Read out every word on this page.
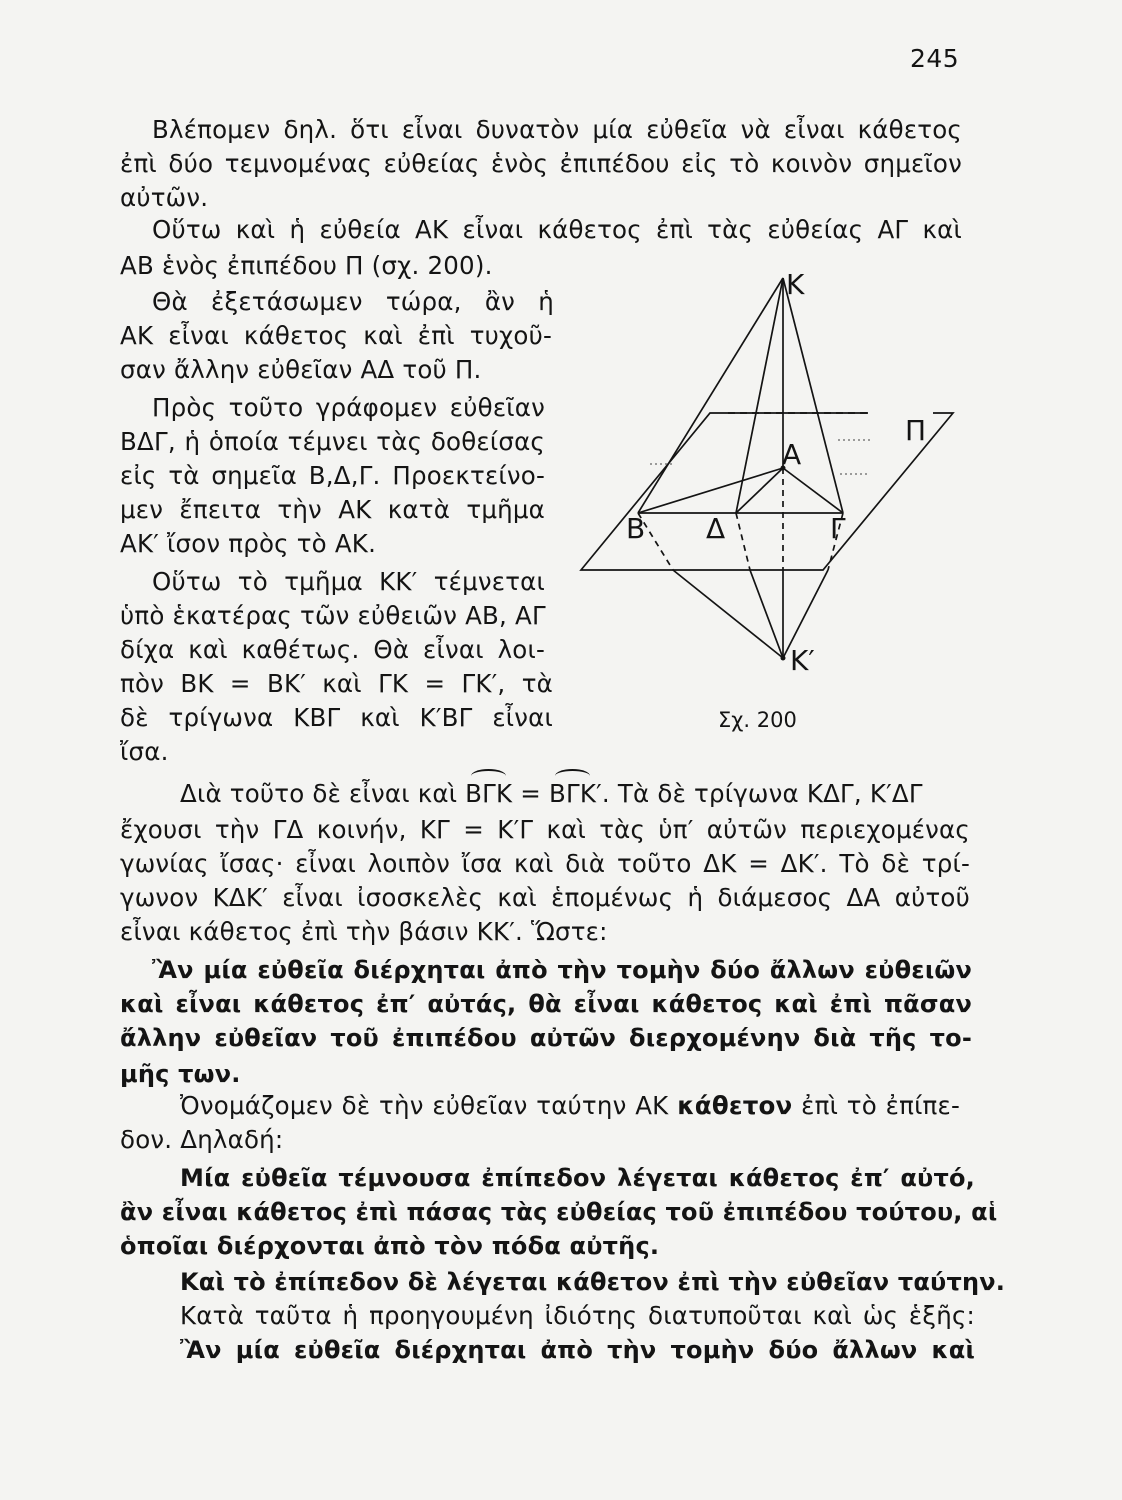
245

Βλέπομεν δηλ. ὅτι εἶναι δυνατὸν μία εὐθεῖα νὰ εἶναι κάθετος

ἐπὶ δύο τεμνομένας εὐθείας ἑνὸς ἐπιπέδου εἰς τὸ κοινὸν σημεῖον

αὐτῶν.

Οὕτω καὶ ἡ εὐθεία ΑΚ εἶναι κάθετος ἐπὶ τὰς εὐθείας ΑΓ καὶ

ΑΒ ἑνὸς ἐπιπέδου Π (σχ. 200).

Θὰ ἐξετάσωμεν τώρα, ἂν ἡ

ΑΚ εἶναι κάθετος καὶ ἐπὶ τυχοῦ-

σαν ἄλλην εὐθεῖαν ΑΔ τοῦ Π.

Πρὸς τοῦτο γράφομεν εὐθεῖαν

ΒΔΓ, ἡ ὁποία τέμνει τὰς δοθείσας

εἰς τὰ σημεῖα Β,Δ,Γ. Προεκτείνο-

μεν ἔπειτα τὴν ΑΚ κατὰ τμῆμα

ΑΚ′ ἴσον πρὸς τὸ ΑΚ.

Οὕτω τὸ τμῆμα ΚΚ′ τέμνεται

ὑπὸ ἑκατέρας τῶν εὐθειῶν ΑΒ, ΑΓ

δίχα καὶ καθέτως. Θὰ εἶναι λοι-

πὸν ΒΚ = ΒΚ′ καὶ ΓΚ = ΓΚ′, τὰ

δὲ τρίγωνα ΚΒΓ καὶ Κ′ΒΓ εἶναι

ἴσα.

Διὰ τοῦτο δὲ εἶναι καὶ ΒΓΚ = ΒΓΚ′. Τὰ δὲ τρίγωνα ΚΔΓ, Κ′ΔΓ

ἔχουσι τὴν ΓΔ κοινήν, ΚΓ = Κ′Γ καὶ τὰς ὑπ′ αὐτῶν περιεχομένας

γωνίας ἴσας· εἶναι λοιπὸν ἴσα καὶ διὰ τοῦτο ΔΚ = ΔΚ′. Τὸ δὲ τρί-

γωνον ΚΔΚ′ εἶναι ἰσοσκελὲς καὶ ἑπομένως ἡ διάμεσος ΔΑ αὐτοῦ

εἶναι κάθετος ἐπὶ τὴν βάσιν ΚΚ′. Ὥστε:

Ἂν μία εὐθεῖα διέρχηται ἀπὸ τὴν τομὴν δύο ἄλλων εὐθειῶν

καὶ εἶναι κάθετος ἐπ′ αὐτάς, θὰ εἶναι κάθετος καὶ ἐπὶ πᾶσαν

ἄλλην εὐθεῖαν τοῦ ἐπιπέδου αὐτῶν διερχομένην διὰ τῆς το-

μῆς των.

Ὀνομάζομεν δὲ τὴν εὐθεῖαν ταύτην ΑΚ κάθετον ἐπὶ τὸ ἐπίπε-

δον. Δηλαδή:

Μία εὐθεῖα τέμνουσα ἐπίπεδον λέγεται κάθετος ἐπ′ αὐτό,

ἂν εἶναι κάθετος ἐπὶ πάσας τὰς εὐθείας τοῦ ἐπιπέδου τούτου, αἱ

ὁποῖαι διέρχονται ἀπὸ τὸν πόδα αὐτῆς.

Καὶ τὸ ἐπίπεδον δὲ λέγεται κάθετον ἐπὶ τὴν εὐθεῖαν ταύτην.

Κατὰ ταῦτα ἡ προηγουμένη ἰδιότης διατυποῦται καὶ ὡς ἑξῆς:

Ἂν μία εὐθεῖα διέρχηται ἀπὸ τὴν τομὴν δύο ἄλλων καὶ

Κ
Π
Α
Β Δ	Γ
Κ′
Σχ. 200
